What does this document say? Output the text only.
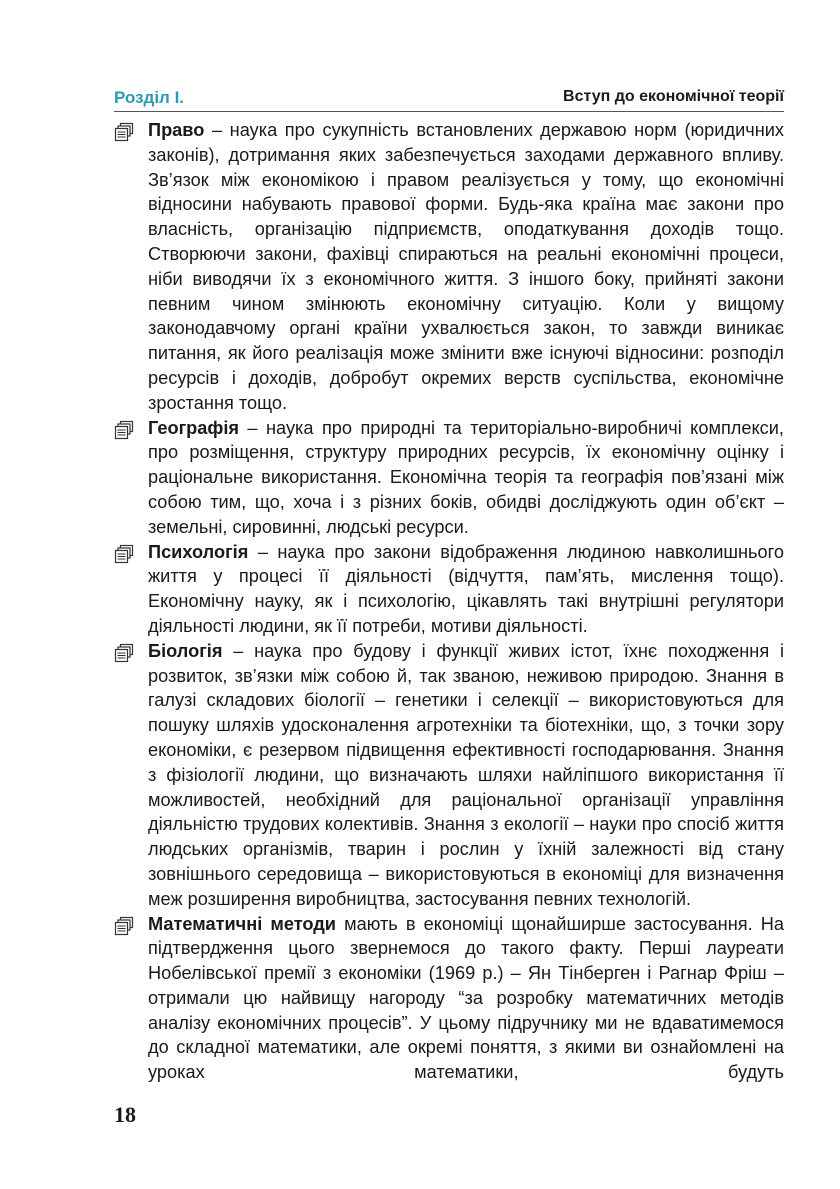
Розділ I.	Вступ до економічної теорії

Право – наука про сукупність встановлених державою норм (юридичних законів), дотримання яких забезпечується заходами державного впливу. Зв’язок між економікою і правом реалізується у тому, що економічні відносини набувають правової форми. Будь-яка країна має закони про власність, організацію підприємств, оподаткування доходів тощо. Створюючи закони, фахівці спираються на реальні економічні процеси, ніби виводячи їх з економічного життя. З іншого боку, прийняті закони певним чином змінюють економічну ситуацію. Коли у вищому законодавчому органі країни ухвалюється закон, то завжди виникає питання, як його реалізація може змінити вже існуючі відносини: розподіл ресурсів і доходів, добробут окремих верств суспільства, економічне зростання тощо.

Географія – наука про природні та територіально-виробничі комплекси, про розміщення, структуру природних ресурсів, їх економічну оцінку і раціональне використання. Економічна теорія та географія пов’язані між собою тим, що, хоча і з різних боків, обидві досліджують один об’єкт – земельні, сировинні, людські ресурси.

Психологія – наука про закони відображення людиною навколишнього життя у процесі її діяльності (відчуття, пам’ять, мислення тощо). Економічну науку, як і психологію, цікавлять такі внутрішні регулятори діяльності людини, як її потреби, мотиви діяльності.

Біологія – наука про будову і функції живих істот, їхнє походження і розвиток, зв’язки між собою й, так званою, неживою природою. Знання в галузі складових біології – генетики і селекції – використовуються для пошуку шляхів удосконалення агротехніки та біотехніки, що, з точки зору економіки, є резервом підвищення ефективності господарювання. Знання з фізіології людини, що визначають шляхи найліпшого використання її можливостей, необхідний для раціональної організації управління діяльністю трудових колективів. Знання з екології – науки про спосіб життя людських організмів, тварин і рослин у їхній залежності від стану зовнішнього середовища – використовуються в економіці для визначення меж розширення виробництва, застосування певних технологій.

Математичні методи мають в економіці щонайширше застосування. На підтвердження цього звернемося до такого факту. Перші лауреати Нобелівської премії з економіки (1969 р.) – Ян Тінберген і Рагнар Фріш – отримали цю найвищу нагороду “за розробку математичних методів аналізу економічних процесів”. У цьому підручнику ми не вдаватимемося до складної математики, але окремі поняття, з якими ви ознайомлені на уроках математики, будуть

18
